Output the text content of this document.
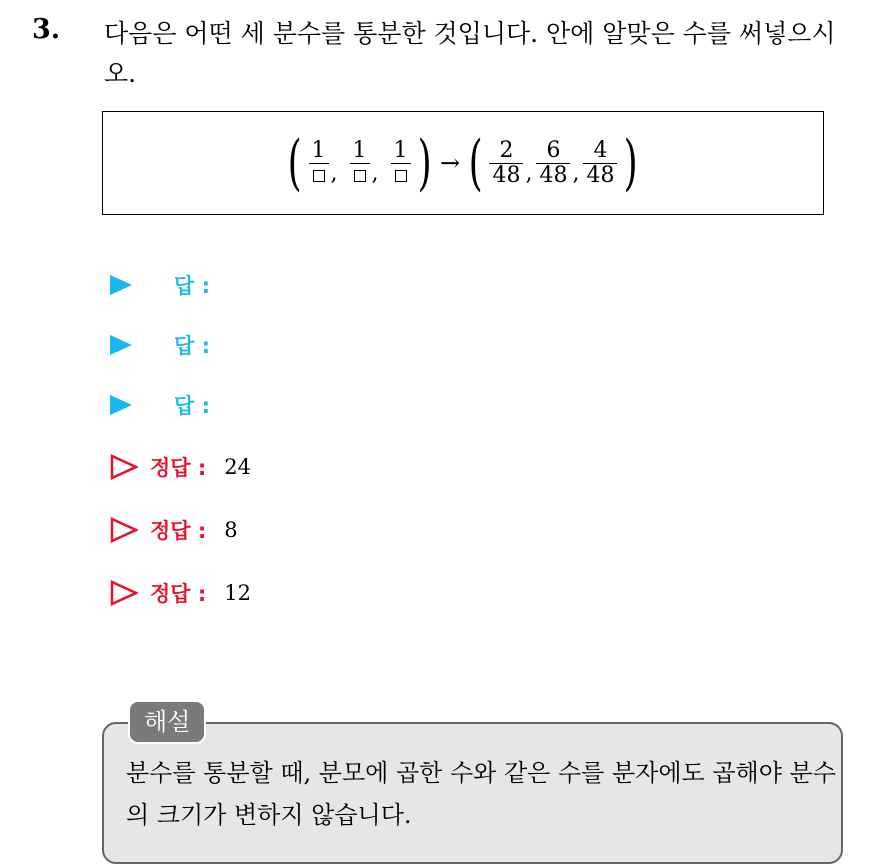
3. 다음은 어떤 세 분수를 통분한 것입니다. 안에 알맞은 수를 써넣으시오.
( 1
,
1
,
1 ) → ( $\frac{2}{48}$ , $\frac{6}{48}$ , $\frac{4}{48}$ )
답 :
답 :
답 :
정답 : 24
정답 : 8
정답 : 12
해설
분수를 통분할 때, 분모에 곱한 수와 같은 수를 분자에도 곱해야 분수의 크기가 변하지 않습니다.
